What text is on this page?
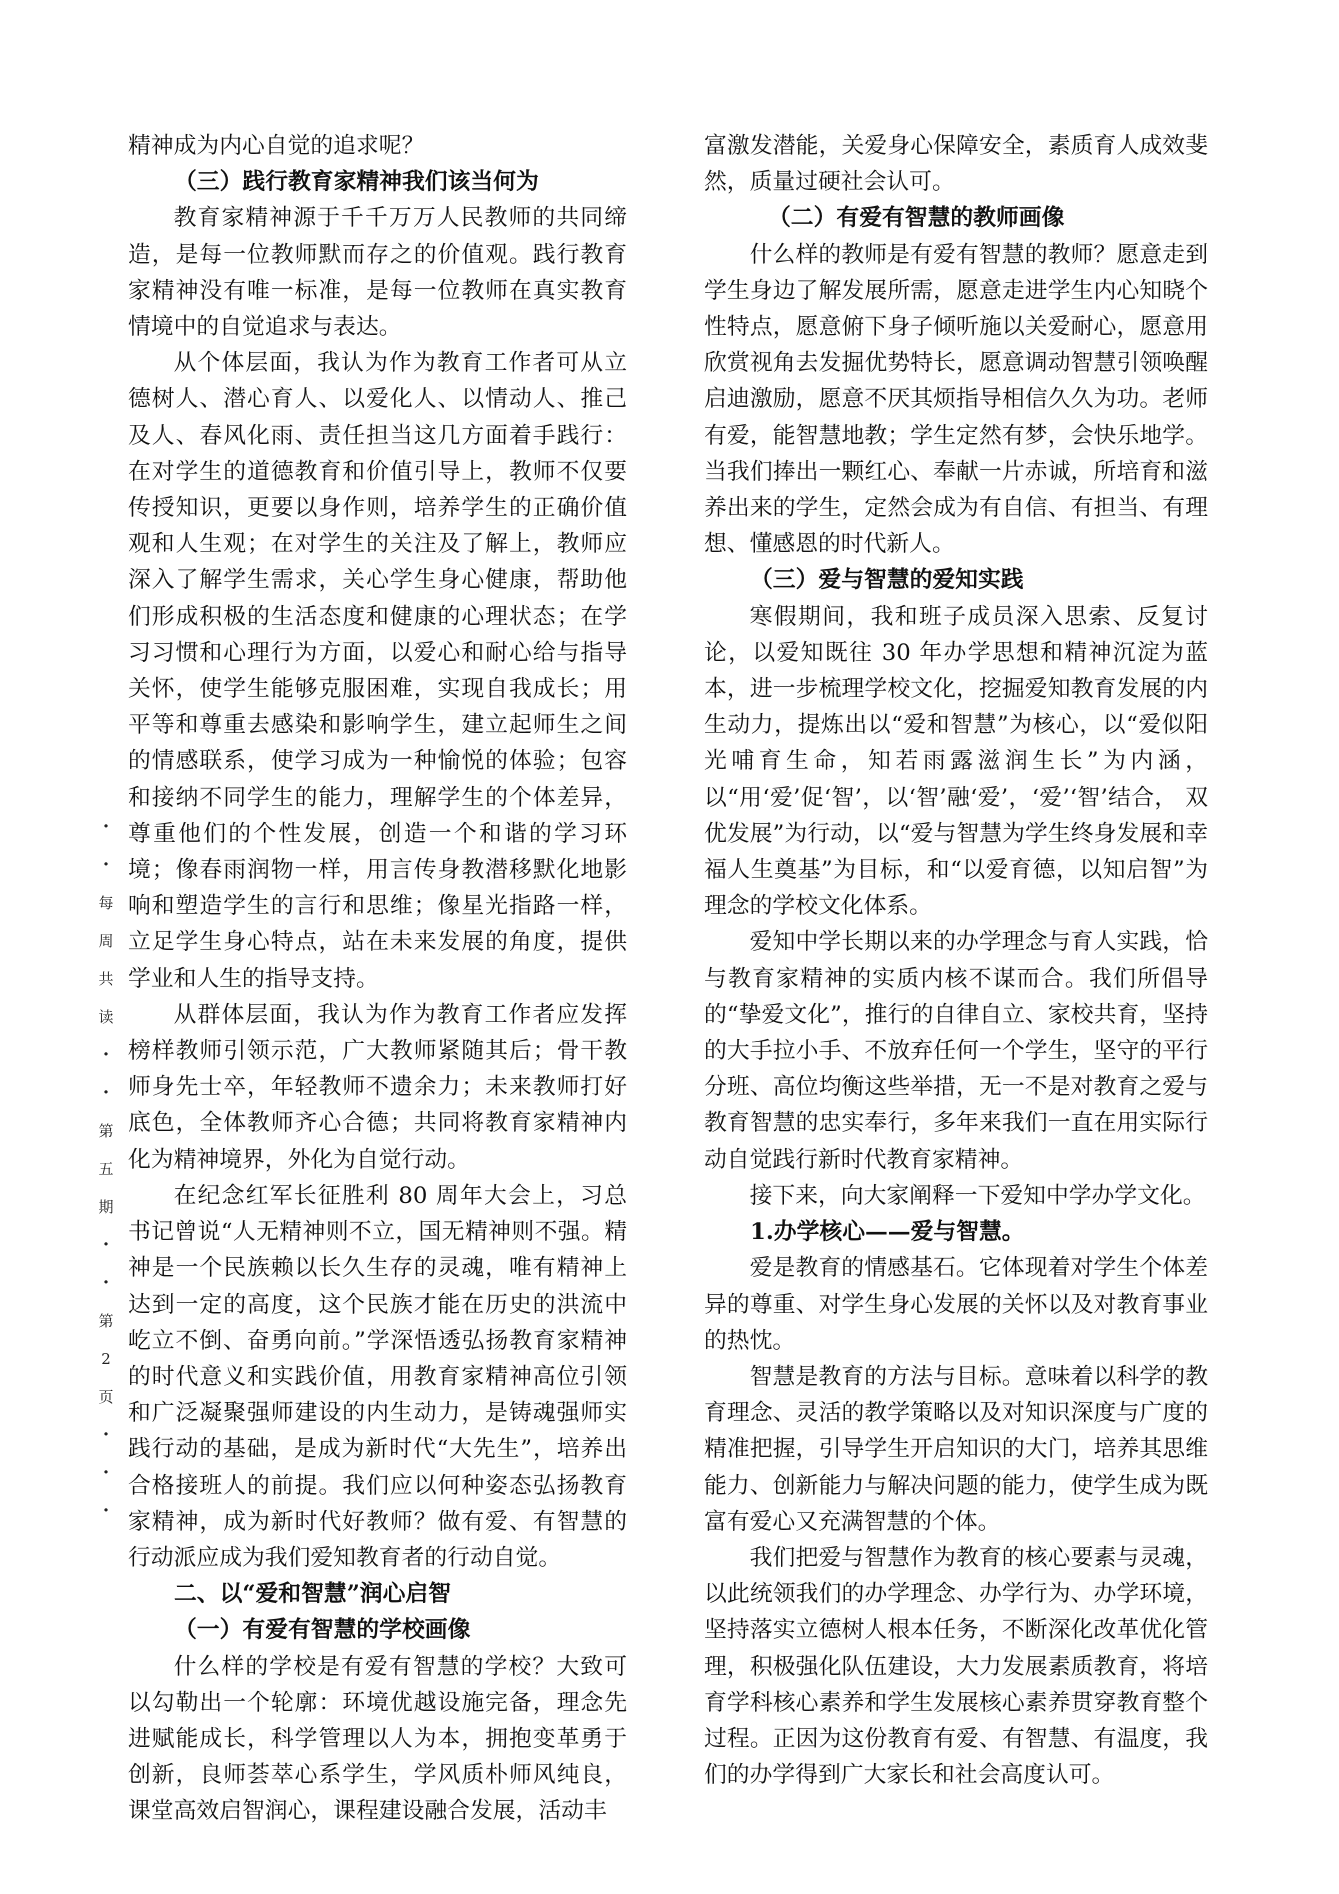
精神成为内心自觉的追求呢？

（三）践行教育家精神我们该当何为

教育家精神源于千千万万人民教师的共同缔造，是每一位教师默而存之的价值观。践行教育家精神没有唯一标准，是每一位教师在真实教育情境中的自觉追求与表达。

从个体层面，我认为作为教育工作者可从立德树人、潜心育人、以爱化人、以情动人、推己及人、春风化雨、责任担当这几方面着手践行：在对学生的道德教育和价值引导上，教师不仅要传授知识，更要以身作则，培养学生的正确价值观和人生观；在对学生的关注及了解上，教师应深入了解学生需求，关心学生身心健康，帮助他们形成积极的生活态度和健康的心理状态；在学习习惯和心理行为方面，以爱心和耐心给与指导关怀，使学生能够克服困难，实现自我成长；用平等和尊重去感染和影响学生，建立起师生之间的情感联系，使学习成为一种愉悦的体验；包容和接纳不同学生的能力，理解学生的个体差异，尊重他们的个性发展，创造一个和谐的学习环境；像春雨润物一样，用言传身教潜移默化地影响和塑造学生的言行和思维；像星光指路一样，立足学生身心特点，站在未来发展的角度，提供学业和人生的指导支持。

从群体层面，我认为作为教育工作者应发挥榜样教师引领示范，广大教师紧随其后；骨干教师身先士卒，年轻教师不遗余力；未来教师打好底色，全体教师齐心合德；共同将教育家精神内化为精神境界，外化为自觉行动。

在纪念红军长征胜利 80 周年大会上，习总书记曾说“人无精神则不立，国无精神则不强。精神是一个民族赖以长久生存的灵魂，唯有精神上达到一定的高度，这个民族才能在历史的洪流中屹立不倒、奋勇向前。”学深悟透弘扬教育家精神的时代意义和实践价值，用教育家精神高位引领和广泛凝聚强师建设的内生动力，是铸魂强师实践行动的基础，是成为新时代“大先生”，培养出合格接班人的前提。我们应以何种姿态弘扬教育家精神，成为新时代好教师？做有爱、有智慧的行动派应成为我们爱知教育者的行动自觉。

二、以“爱和智慧”润心启智
（一）有爱有智慧的学校画像

什么样的学校是有爱有智慧的学校？大致可以勾勒出一个轮廓：环境优越设施完备，理念先进赋能成长，科学管理以人为本，拥抱变革勇于创新，良师荟萃心系学生，学风质朴师风纯良，课堂高效启智润心，课程建设融合发展，活动丰

富激发潜能，关爱身心保障安全，素质育人成效斐然，质量过硬社会认可。

（二）有爱有智慧的教师画像

什么样的教师是有爱有智慧的教师？愿意走到学生身边了解发展所需，愿意走进学生内心知晓个性特点，愿意俯下身子倾听施以关爱耐心，愿意用欣赏视角去发掘优势特长，愿意调动智慧引领唤醒启迪激励，愿意不厌其烦指导相信久久为功。老师有爱，能智慧地教；学生定然有梦，会快乐地学。当我们捧出一颗红心、奉献一片赤诚，所培育和滋养出来的学生，定然会成为有自信、有担当、有理想、懂感恩的时代新人。

（三）爱与智慧的爱知实践

寒假期间，我和班子成员深入思索、反复讨论，以爱知既往 30 年办学思想和精神沉淀为蓝本，进一步梳理学校文化，挖掘爱知教育发展的内生动力，提炼出以“爱和智慧”为核心，以“爱似阳光哺育生命，知若雨露滋润生长”为内涵，以“用‘爱’促‘智’，以‘智’融‘爱’，‘爱’‘智’结合， 双优发展”为行动，以“爱与智慧为学生终身发展和幸福人生奠基”为目标，和“以爱育德，以知启智”为理念的学校文化体系。

爱知中学长期以来的办学理念与育人实践，恰与教育家精神的实质内核不谋而合。我们所倡导的“挚爱文化”，推行的自律自立、家校共育，坚持的大手拉小手、不放弃任何一个学生，坚守的平行分班、高位均衡这些举措，无一不是对教育之爱与教育智慧的忠实奉行，多年来我们一直在用实际行动自觉践行新时代教育家精神。

接下来，向大家阐释一下爱知中学办学文化。

1.办学核心——爱与智慧。

爱是教育的情感基石。它体现着对学生个体差异的尊重、对学生身心发展的关怀以及对教育事业的热忱。

智慧是教育的方法与目标。意味着以科学的教育理念、灵活的教学策略以及对知识深度与广度的精准把握，引导学生开启知识的大门，培养其思维能力、创新能力与解决问题的能力，使学生成为既富有爱心又充满智慧的个体。

我们把爱与智慧作为教育的核心要素与灵魂，以此统领我们的办学理念、办学行为、办学环境，坚持落实立德树人根本任务，不断深化改革优化管理，积极强化队伍建设，大力发展素质教育，将培育学科核心素养和学生发展核心素养贯穿教育整个过程。正因为这份教育有爱、有智慧、有温度，我们的办学得到广大家长和社会高度认可。

·
·
每
周
共
读
·
·
第
五
期
·
·
第
2
页
·
·
·
